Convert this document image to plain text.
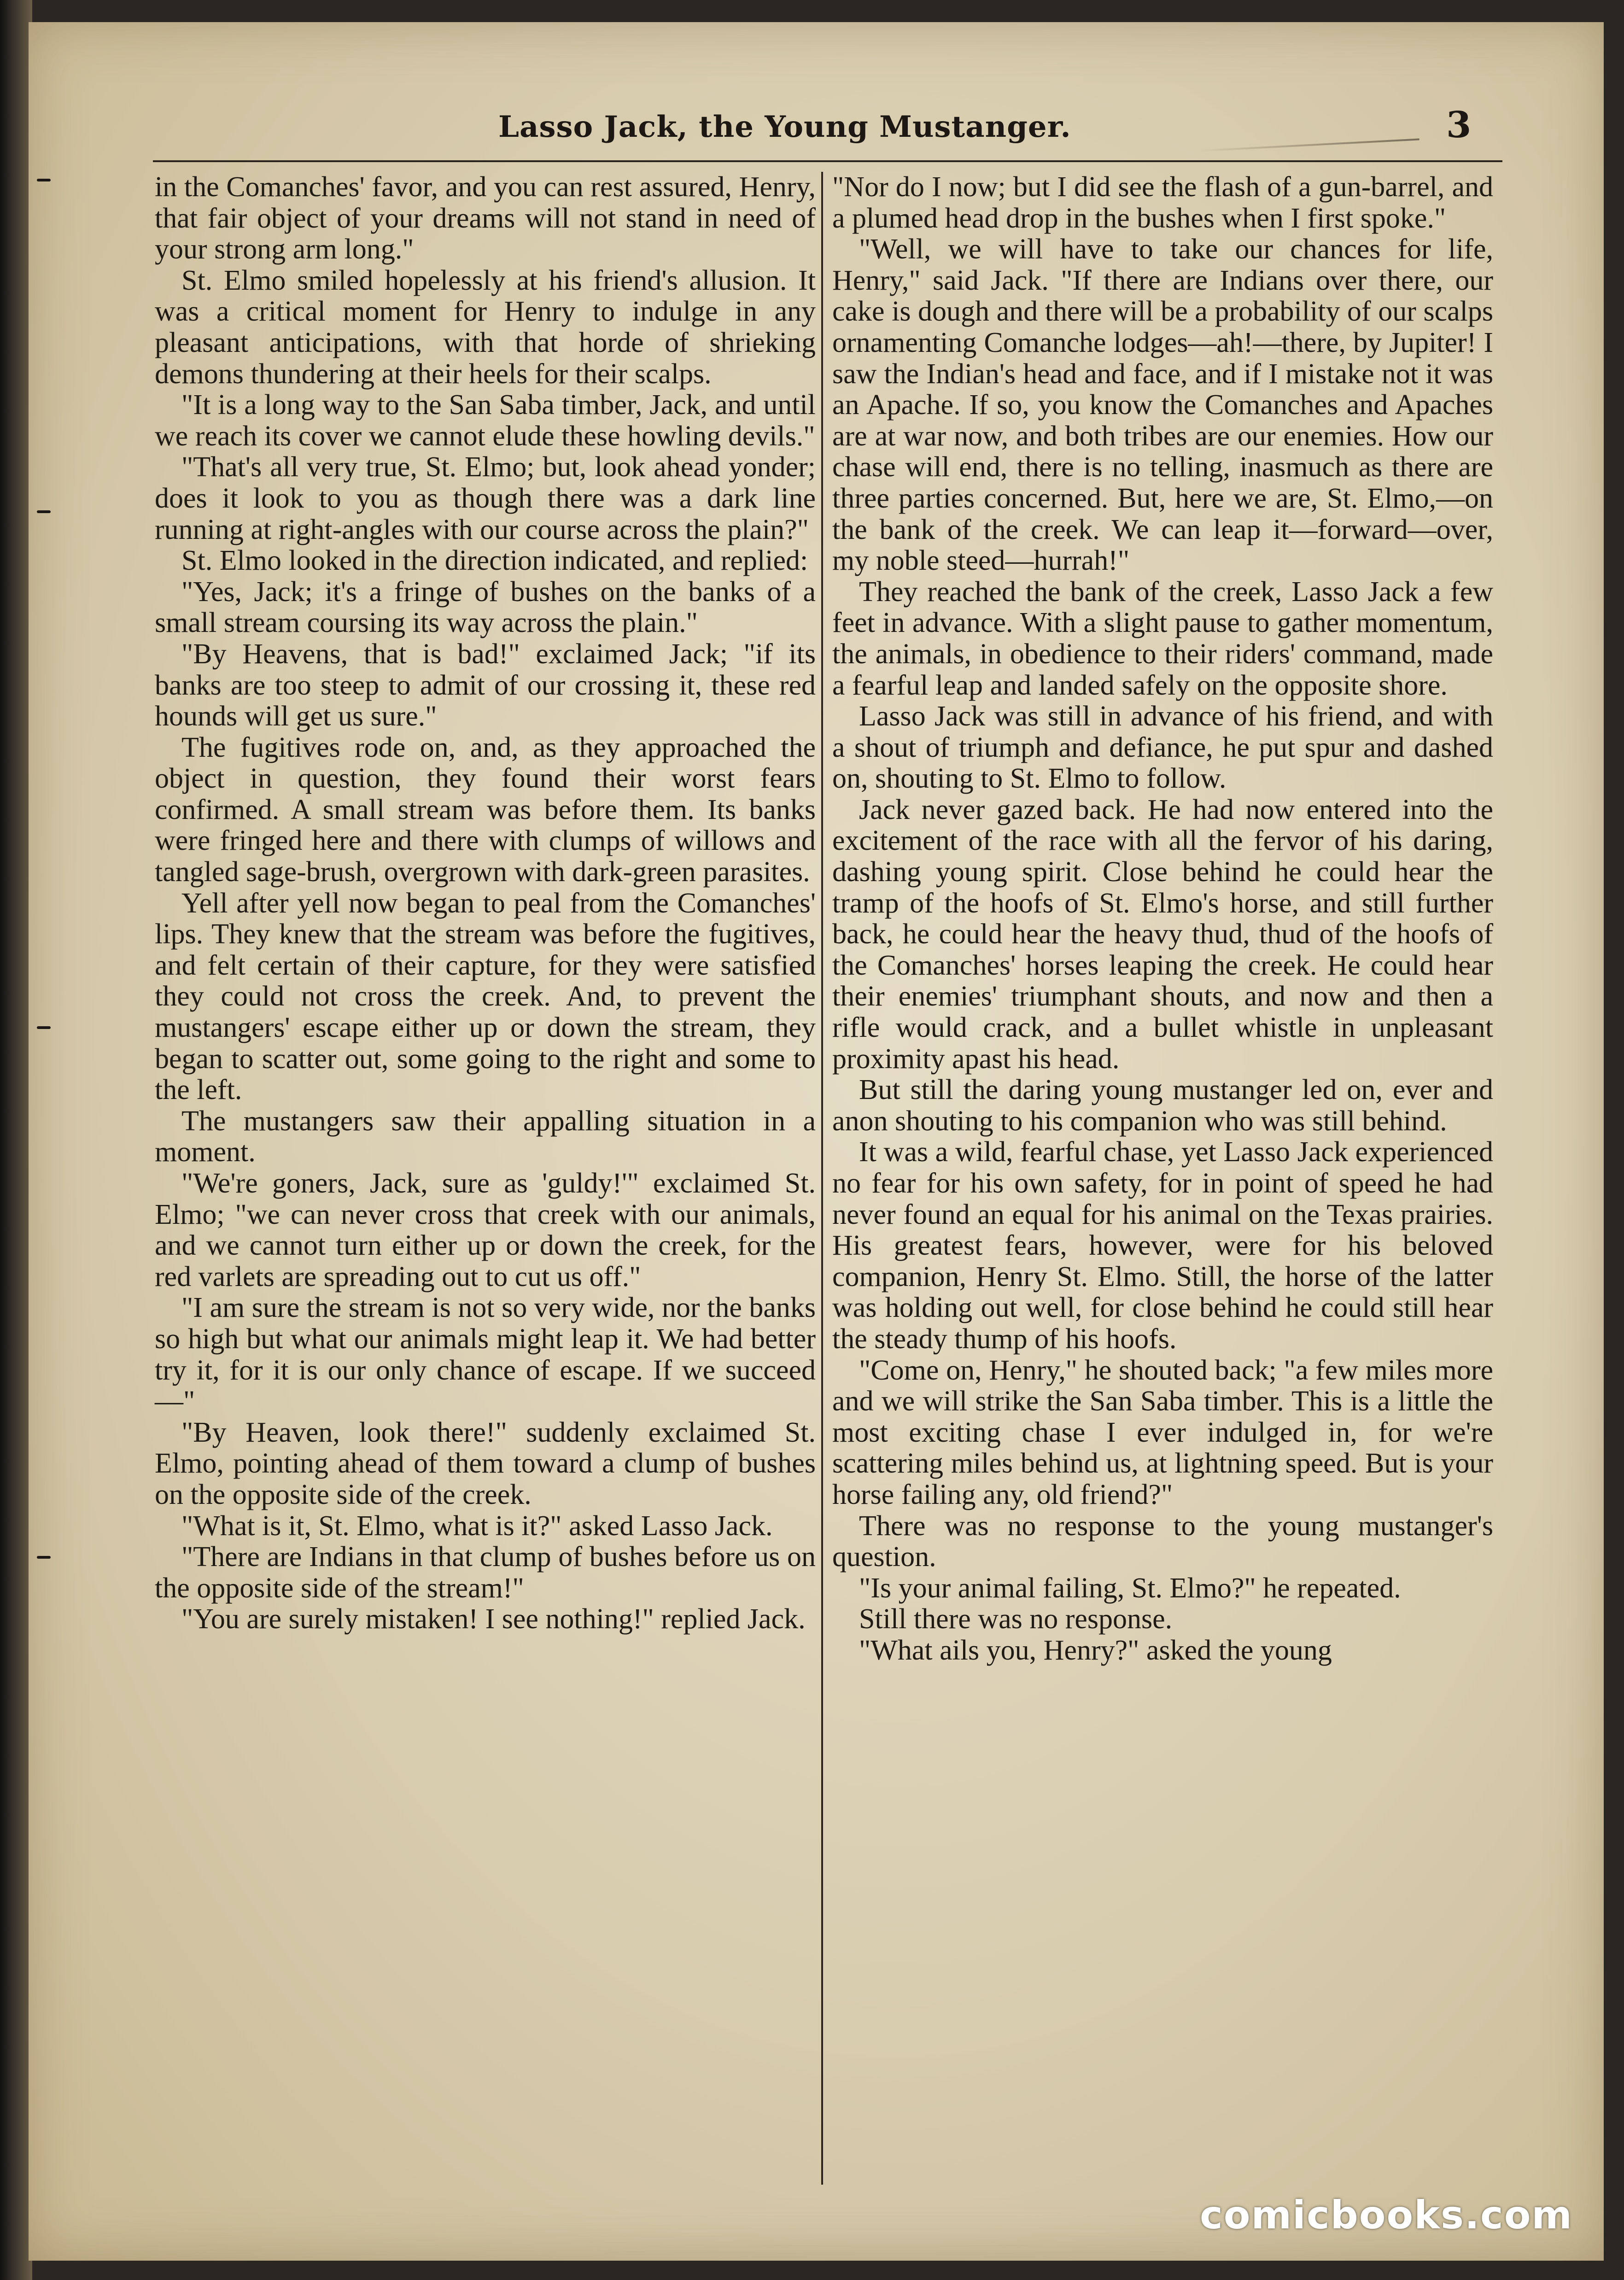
Lasso Jack, the Young Mustanger.	3

in the Comanches' favor, and you can rest assured, Henry, that fair object of your dreams will not stand in need of your strong arm long."

St. Elmo smiled hopelessly at his friend's allusion. It was a critical moment for Henry to indulge in any pleasant anticipations, with that horde of shrieking demons thundering at their heels for their scalps.

"It is a long way to the San Saba timber, Jack, and until we reach its cover we cannot elude these howling devils."

"That's all very true, St. Elmo; but, look ahead yonder; does it look to you as though there was a dark line running at right-angles with our course across the plain?"

St. Elmo looked in the direction indicated, and replied:

"Yes, Jack; it's a fringe of bushes on the banks of a small stream coursing its way across the plain."

"By Heavens, that is bad!" exclaimed Jack; "if its banks are too steep to admit of our crossing it, these red hounds will get us sure."

The fugitives rode on, and, as they approached the object in question, they found their worst fears confirmed. A small stream was before them. Its banks were fringed here and there with clumps of willows and tangled sage-brush, overgrown with dark-green parasites.

Yell after yell now began to peal from the Comanches' lips. They knew that the stream was before the fugitives, and felt certain of their capture, for they were satisfied they could not cross the creek. And, to prevent the mustangers' escape either up or down the stream, they began to scatter out, some going to the right and some to the left.

The mustangers saw their appalling situation in a moment.

"We're goners, Jack, sure as 'guldy!'" exclaimed St. Elmo; "we can never cross that creek with our animals, and we cannot turn either up or down the creek, for the red varlets are spreading out to cut us off."

"I am sure the stream is not so very wide, nor the banks so high but what our animals might leap it. We had better try it, for it is our only chance of escape. If we succeed—"

"By Heaven, look there!" suddenly exclaimed St. Elmo, pointing ahead of them toward a clump of bushes on the opposite side of the creek.

"What is it, St. Elmo, what is it?" asked Lasso Jack.

"There are Indians in that clump of bushes before us on the opposite side of the stream!"

"You are surely mistaken! I see nothing!" replied Jack.

"Nor do I now; but I did see the flash of a gun-barrel, and a plumed head drop in the bushes when I first spoke."

"Well, we will have to take our chances for life, Henry," said Jack. "If there are Indians over there, our cake is dough and there will be a probability of our scalps ornamenting Comanche lodges—ah!—there, by Jupiter! I saw the Indian's head and face, and if I mistake not it was an Apache. If so, you know the Comanches and Apaches are at war now, and both tribes are our enemies. How our chase will end, there is no telling, inasmuch as there are three parties concerned. But, here we are, St. Elmo,—on the bank of the creek. We can leap it—forward—over, my noble steed—hurrah!"

They reached the bank of the creek, Lasso Jack a few feet in advance. With a slight pause to gather momentum, the animals, in obedience to their riders' command, made a fearful leap and landed safely on the opposite shore.

Lasso Jack was still in advance of his friend, and with a shout of triumph and defiance, he put spur and dashed on, shouting to St. Elmo to follow.

Jack never gazed back. He had now entered into the excitement of the race with all the fervor of his daring, dashing young spirit. Close behind he could hear the tramp of the hoofs of St. Elmo's horse, and still further back, he could hear the heavy thud, thud of the hoofs of the Comanches' horses leaping the creek. He could hear their enemies' triumphant shouts, and now and then a rifle would crack, and a bullet whistle in unpleasant proximity apast his head.

But still the daring young mustanger led on, ever and anon shouting to his companion who was still behind.

It was a wild, fearful chase, yet Lasso Jack experienced no fear for his own safety, for in point of speed he had never found an equal for his animal on the Texas prairies. His greatest fears, however, were for his beloved companion, Henry St. Elmo. Still, the horse of the latter was holding out well, for close behind he could still hear the steady thump of his hoofs.

"Come on, Henry," he shouted back; "a few miles more and we will strike the San Saba timber. This is a little the most exciting chase I ever indulged in, for we're scattering miles behind us, at lightning speed. But is your horse failing any, old friend?"

There was no response to the young mustanger's question.

"Is your animal failing, St. Elmo?" he repeated.

Still there was no response.

"What ails you, Henry?" asked the young

comicbooks.com
